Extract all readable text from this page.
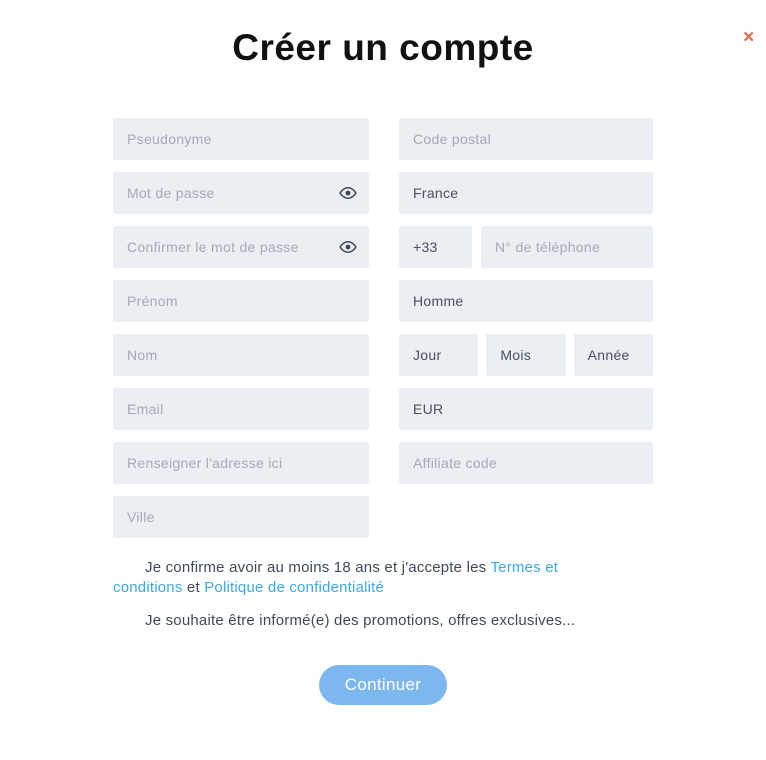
✕
Créer un compte
Pseudonyme
Mot de passe
Confirmer le mot de passe
Prénom
Nom
Email
Renseigner l'adresse ici
Ville
Code postal
France
+33
N° de téléphone
Homme
Jour	Mois	Année
EUR
Affiliate code

Je confirme avoir au moins 18 ans et j'accepte les Termes et conditions et Politique de confidentialité

Je souhaite être informé(e) des promotions, offres exclusives...

Continuer
